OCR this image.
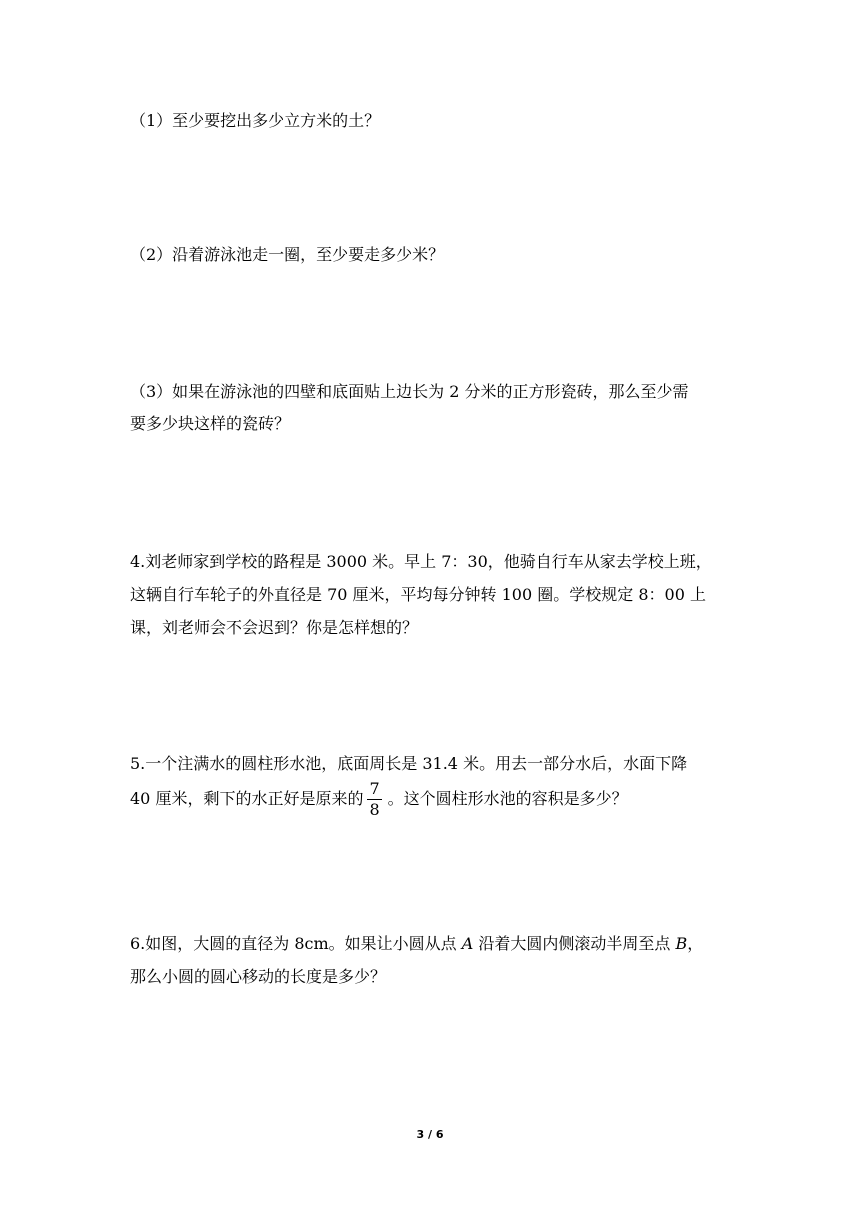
（1）至少要挖出多少立方米的土？
（2）沿着游泳池走一圈，至少要走多少米？
（3）如果在游泳池的四壁和底面贴上边长为 2 分米的正方形瓷砖，那么至少需
要多少块这样的瓷砖？
4.刘老师家到学校的路程是 3000 米。早上 7：30，他骑自行车从家去学校上班，
这辆自行车轮子的外直径是 70 厘米，平均每分钟转 100 圈。学校规定 8：00 上
课，刘老师会不会迟到？你是怎样想的？
5.一个注满水的圆柱形水池，底面周长是 31.4 米。用去一部分水后，水面下降
40 厘米，剩下的水正好是原来的 $\frac{7}{8}$ 。这个圆柱形水池的容积是多少？
6.如图，大圆的直径为 8cm。如果让小圆从点 A 沿着大圆内侧滚动半周至点 B，
那么小圆的圆心移动的长度是多少？
3 / 6
